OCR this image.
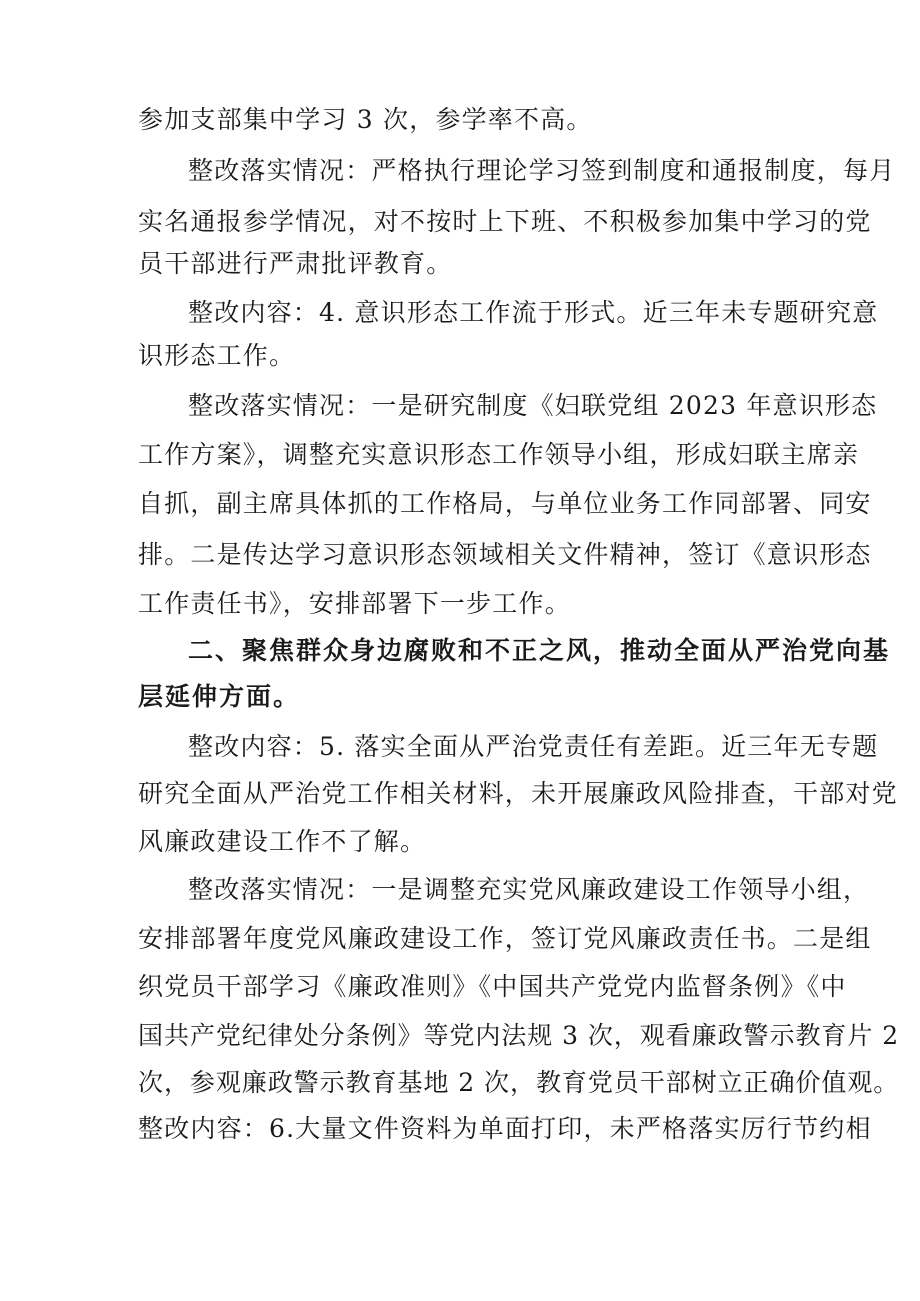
参加支部集中学习 3 次，参学率不高。

整改落实情况：严格执行理论学习签到制度和通报制度，每月

实名通报参学情况，对不按时上下班、不积极参加集中学习的党

员干部进行严肃批评教育。

整改内容：4. 意识形态工作流于形式。近三年未专题研究意

识形态工作。

整改落实情况：一是研究制度《妇联党组 2023 年意识形态

工作方案》，调整充实意识形态工作领导小组，形成妇联主席亲

自抓，副主席具体抓的工作格局，与单位业务工作同部署、同安

排。二是传达学习意识形态领域相关文件精神，签订《意识形态

工作责任书》，安排部署下一步工作。

二、聚焦群众身边腐败和不正之风，推动全面从严治党向基

层延伸方面。

整改内容：5. 落实全面从严治党责任有差距。近三年无专题

研究全面从严治党工作相关材料，未开展廉政风险排查，干部对党

风廉政建设工作不了解。

整改落实情况：一是调整充实党风廉政建设工作领导小组，

安排部署年度党风廉政建设工作，签订党风廉政责任书。二是组

织党员干部学习《廉政准则》《中国共产党党内监督条例》《中

国共产党纪律处分条例》等党内法规 3 次，观看廉政警示教育片 2

次，参观廉政警示教育基地 2 次，教育党员干部树立正确价值观。

整改内容：6.大量文件资料为单面打印，未严格落实厉行节约相
